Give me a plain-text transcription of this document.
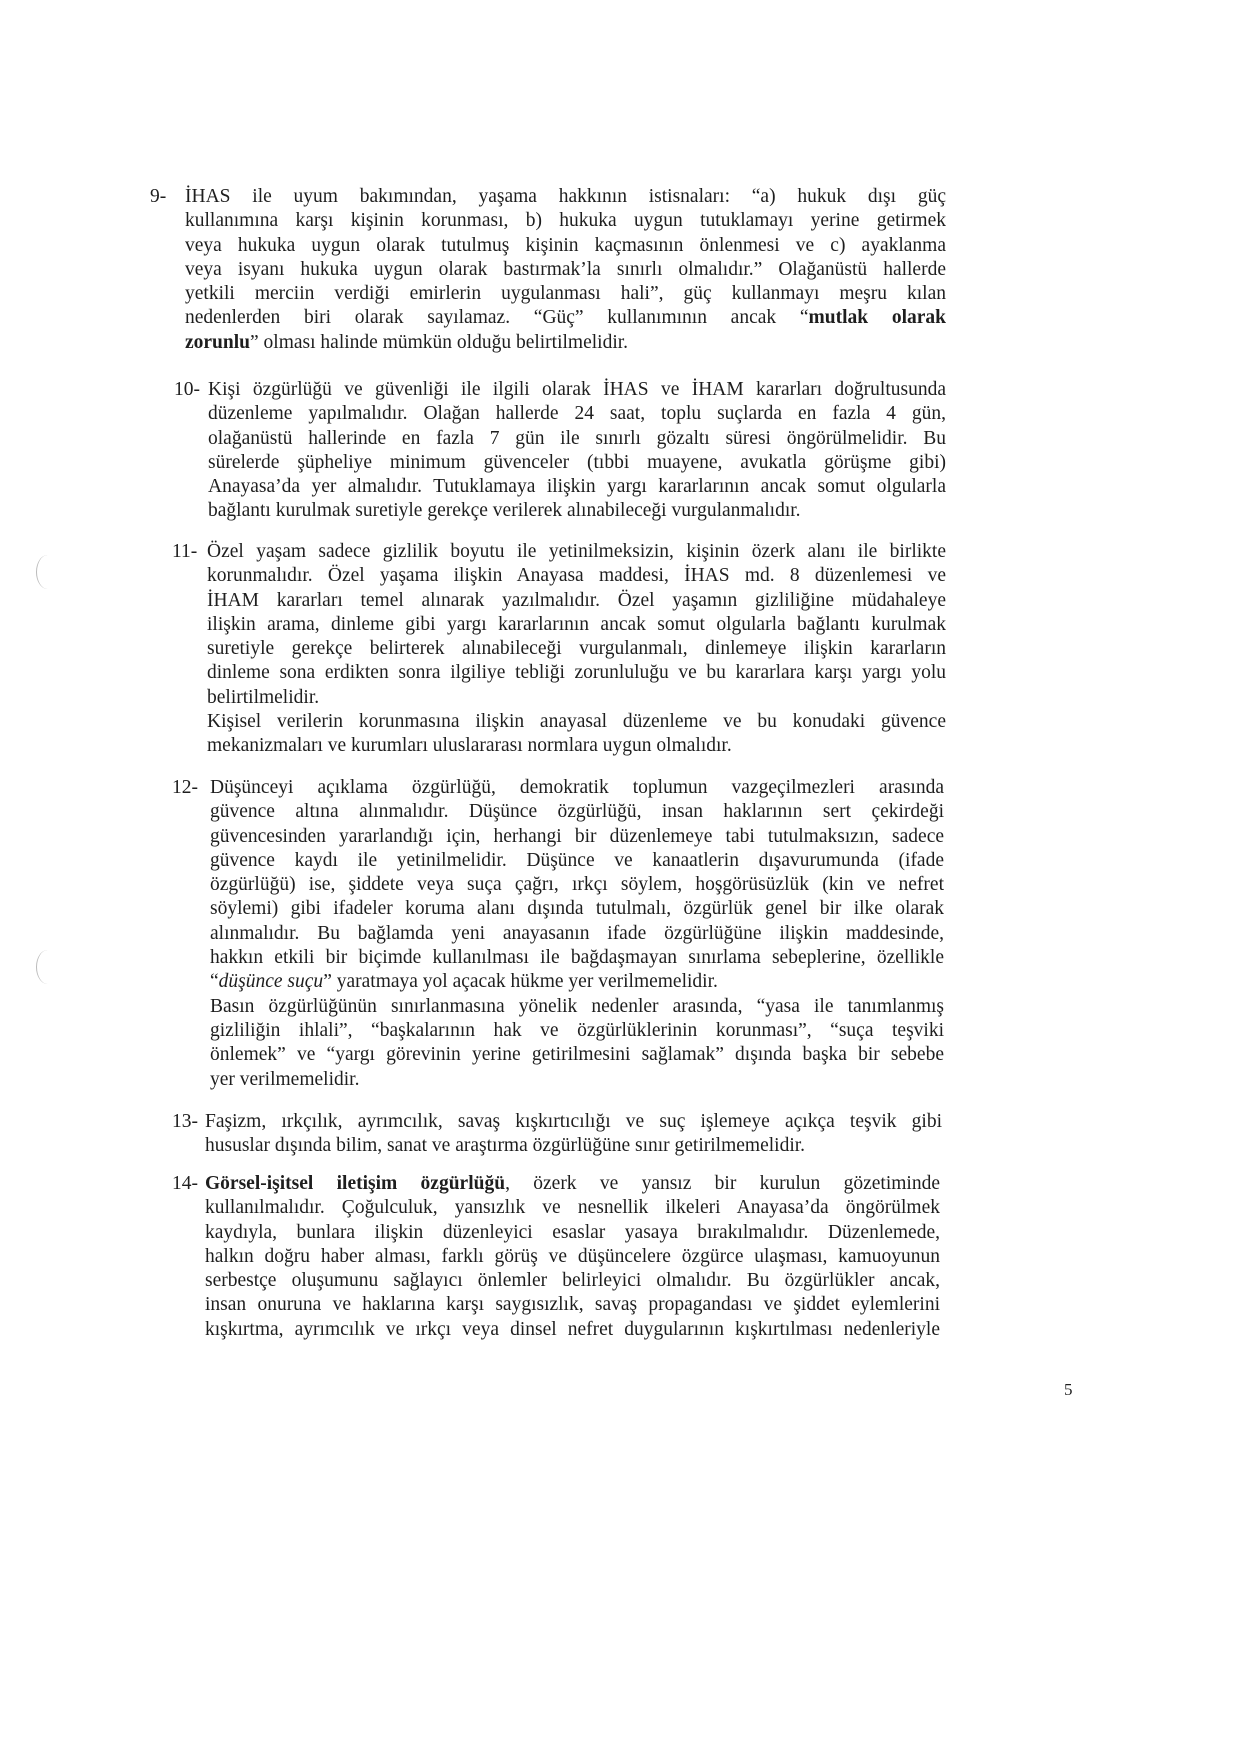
9- İHAS ile uyum bakımından, yaşama hakkının istisnaları: “a) hukuk dışı güç
kullanımına karşı kişinin korunması, b) hukuka uygun tutuklamayı yerine getirmek
veya hukuka uygun olarak tutulmuş kişinin kaçmasının önlenmesi ve c) ayaklanma
veya isyanı hukuka uygun olarak bastırmak’la sınırlı olmalıdır.” Olağanüstü hallerde
yetkili merciin verdiği emirlerin uygulanması hali”, güç kullanmayı meşru kılan
nedenlerden biri olarak sayılamaz. “Güç” kullanımının ancak “mutlak olarak
zorunlu” olması halinde mümkün olduğu belirtilmelidir.
10- Kişi özgürlüğü ve güvenliği ile ilgili olarak İHAS ve İHAM kararları doğrultusunda
düzenleme yapılmalıdır. Olağan hallerde 24 saat, toplu suçlarda en fazla 4 gün,
olağanüstü hallerinde en fazla 7 gün ile sınırlı gözaltı süresi öngörülmelidir. Bu
sürelerde şüpheliye minimum güvenceler (tıbbi muayene, avukatla görüşme gibi)
Anayasa’da yer almalıdır. Tutuklamaya ilişkin yargı kararlarının ancak somut olgularla
bağlantı kurulmak suretiyle gerekçe verilerek alınabileceği vurgulanmalıdır.
11- Özel yaşam sadece gizlilik boyutu ile yetinilmeksizin, kişinin özerk alanı ile birlikte
korunmalıdır. Özel yaşama ilişkin Anayasa maddesi, İHAS md. 8 düzenlemesi ve
İHAM kararları temel alınarak yazılmalıdır. Özel yaşamın gizliliğine müdahaleye
ilişkin arama, dinleme gibi yargı kararlarının ancak somut olgularla bağlantı kurulmak
suretiyle gerekçe belirterek alınabileceği vurgulanmalı, dinlemeye ilişkin kararların
dinleme sona erdikten sonra ilgiliye tebliği zorunluluğu ve bu kararlara karşı yargı yolu
belirtilmelidir.
Kişisel verilerin korunmasına ilişkin anayasal düzenleme ve bu konudaki güvence
mekanizmaları ve kurumları uluslararası normlara uygun olmalıdır.
12- Düşünceyi açıklama özgürlüğü, demokratik toplumun vazgeçilmezleri arasında
güvence altına alınmalıdır. Düşünce özgürlüğü, insan haklarının sert çekirdeği
güvencesinden yararlandığı için, herhangi bir düzenlemeye tabi tutulmaksızın, sadece
güvence kaydı ile yetinilmelidir. Düşünce ve kanaatlerin dışavurumunda (ifade
özgürlüğü) ise, şiddete veya suça çağrı, ırkçı söylem, hoşgörüsüzlük (kin ve nefret
söylemi) gibi ifadeler koruma alanı dışında tutulmalı, özgürlük genel bir ilke olarak
alınmalıdır. Bu bağlamda yeni anayasanın ifade özgürlüğüne ilişkin maddesinde,
hakkın etkili bir biçimde kullanılması ile bağdaşmayan sınırlama sebeplerine, özellikle
“düşünce suçu” yaratmaya yol açacak hükme yer verilmemelidir.
Basın özgürlüğünün sınırlanmasına yönelik nedenler arasında, “yasa ile tanımlanmış
gizliliğin ihlali”, “başkalarının hak ve özgürlüklerinin korunması”, “suça teşviki
önlemek” ve “yargı görevinin yerine getirilmesini sağlamak” dışında başka bir sebebe
yer verilmemelidir.
13- Faşizm, ırkçılık, ayrımcılık, savaş kışkırtıcılığı ve suç işlemeye açıkça teşvik gibi
hususlar dışında bilim, sanat ve araştırma özgürlüğüne sınır getirilmemelidir.
14- Görsel-işitsel iletişim özgürlüğü, özerk ve yansız bir kurulun gözetiminde
kullanılmalıdır. Çoğulculuk, yansızlık ve nesnellik ilkeleri Anayasa’da öngörülmek
kaydıyla, bunlara ilişkin düzenleyici esaslar yasaya bırakılmalıdır. Düzenlemede,
halkın doğru haber alması, farklı görüş ve düşüncelere özgürce ulaşması, kamuoyunun
serbestçe oluşumunu sağlayıcı önlemler belirleyici olmalıdır. Bu özgürlükler ancak,
insan onuruna ve haklarına karşı saygısızlık, savaş propagandası ve şiddet eylemlerini
kışkırtma, ayrımcılık ve ırkçı veya dinsel nefret duygularının kışkırtılması nedenleriyle
5
